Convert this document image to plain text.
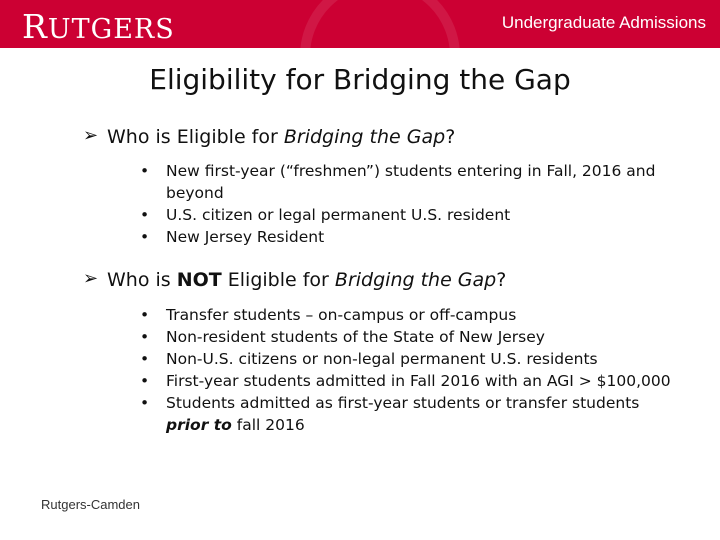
RUTGERS	Undergraduate Admissions
Eligibility for Bridging the Gap
➢ Who is Eligible for Bridging the Gap?
• New first-year (“freshmen”) students entering in Fall, 2016 and beyond
• U.S. citizen or legal permanent U.S. resident
• New Jersey Resident
➢ Who is NOT Eligible for Bridging the Gap?
• Transfer students – on-campus or off-campus
• Non-resident students of the State of New Jersey
• Non-U.S. citizens or non-legal permanent U.S. residents
• First-year students admitted in Fall 2016 with an AGI > $100,000
• Students admitted as first-year students or transfer students prior to fall 2016
Rutgers-Camden
